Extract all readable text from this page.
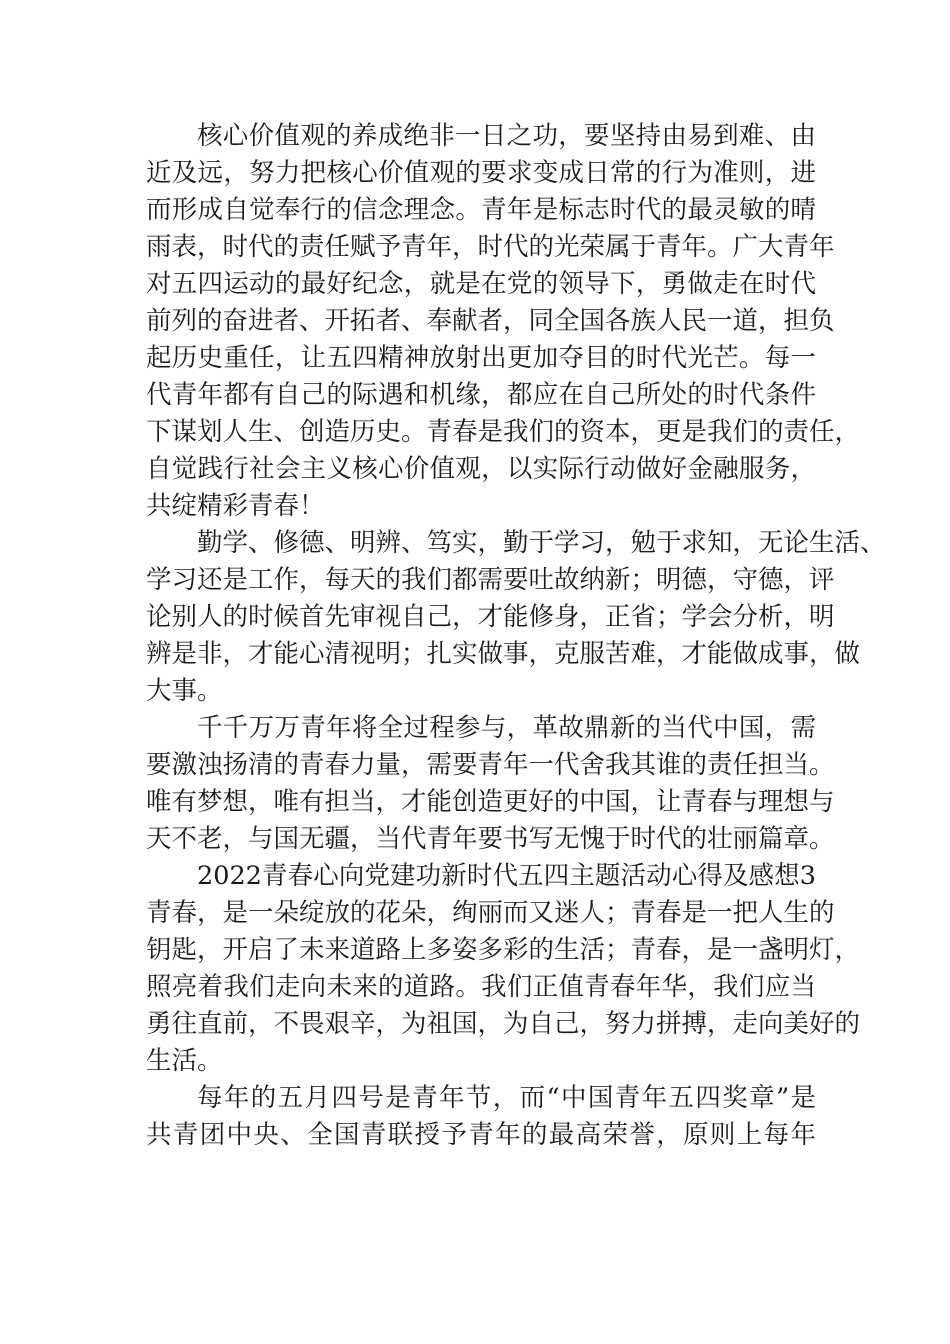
核心价值观的养成绝非一日之功，要坚持由易到难、由
近及远，努力把核心价值观的要求变成日常的行为准则，进
而形成自觉奉行的信念理念。青年是标志时代的最灵敏的晴
雨表，时代的责任赋予青年，时代的光荣属于青年。广大青年
对五四运动的最好纪念，就是在党的领导下，勇做走在时代
前列的奋进者、开拓者、奉献者，同全国各族人民一道，担负
起历史重任，让五四精神放射出更加夺目的时代光芒。每一
代青年都有自己的际遇和机缘，都应在自己所处的时代条件
下谋划人生、创造历史。青春是我们的资本，更是我们的责任，
自觉践行社会主义核心价值观，以实际行动做好金融服务，
共绽精彩青春！
勤学、修德、明辨、笃实，勤于学习，勉于求知，无论生活、
学习还是工作，每天的我们都需要吐故纳新；明德，守德，评
论别人的时候首先审视自己，才能修身，正省；学会分析，明
辨是非，才能心清视明；扎实做事，克服苦难，才能做成事，做
大事。
千千万万青年将全过程参与，革故鼎新的当代中国，需
要激浊扬清的青春力量，需要青年一代舍我其谁的责任担当。
唯有梦想，唯有担当，才能创造更好的中国，让青春与理想与
天不老，与国无疆，当代青年要书写无愧于时代的壮丽篇章。
2022青春心向党建功新时代五四主题活动心得及感想3
青春，是一朵绽放的花朵，绚丽而又迷人；青春是一把人生的
钥匙，开启了未来道路上多姿多彩的生活；青春，是一盏明灯，
照亮着我们走向未来的道路。我们正值青春年华，我们应当
勇往直前，不畏艰辛，为祖国，为自己，努力拼搏，走向美好的
生活。
每年的五月四号是青年节，而“中国青年五四奖章”是
共青团中央、全国青联授予青年的最高荣誉，原则上每年
